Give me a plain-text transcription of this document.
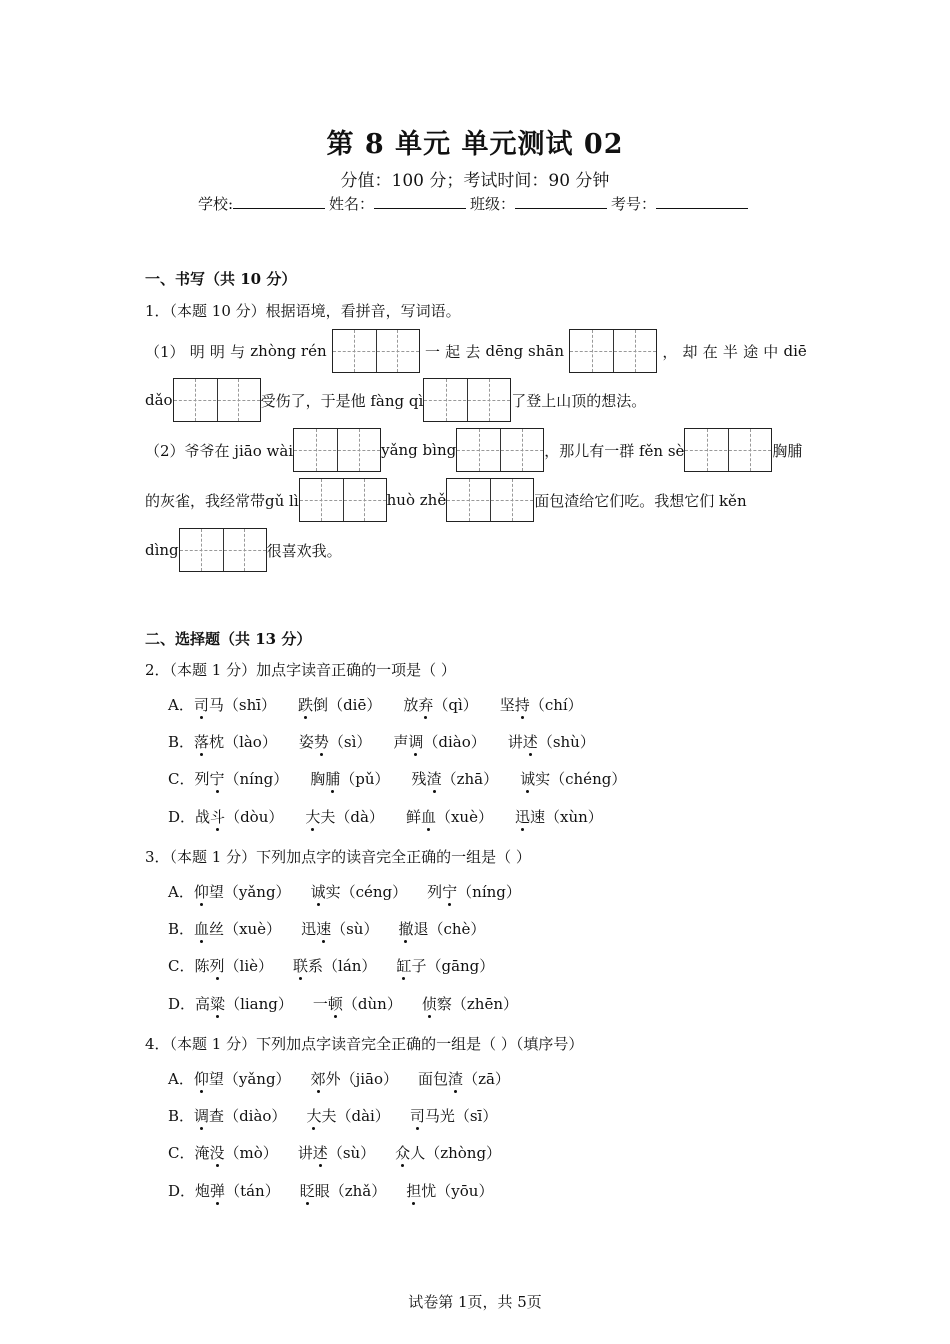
第 8 单元 单元测试 02
分值：100 分；考试时间：90 分钟
学校:	姓名：	班级：	考号：
一、书写（共 10 分）
1．（本题 10 分）根据语境，看拼音，写词语。
（1） 明 明 与 zhòng rén	一 起 去 dēng shān	， 却 在 半 途 中 diē
dǎo	受伤了，于是他 fàng qì	了登上山顶的想法。
（2）爷爷在 jiāo wài	yǎng bìng	，那儿有一群 fěn sè	胸脯
的灰雀，我经常带gǔ lì	huò zhě	面包渣给它们吃。我想它们 kěn
dìng	很喜欢我。
二、选择题（共 13 分）
2．（本题 1 分）加点字读音正确的一项是（ ）
A．司马（shī） 跌倒（diē） 放弃（qì） 坚持（chí）
B．落枕（lào） 姿势（sì） 声调（diào） 讲述（shù）
C．列宁（níng） 胸脯（pǔ） 残渣（zhā） 诚实（chéng）
D．战斗（dòu） 大夫（dà） 鲜血（xuè） 迅速（xùn）
3．（本题 1 分）下列加点字的读音完全正确的一组是（ ）
A．仰望（yǎng） 诚实（céng） 列宁（níng）
B．血丝（xuè） 迅速（sù） 撤退（chè）
C．陈列（liè） 联系（lán） 缸子（gāng）
D．高粱（liang） 一顿（dùn） 侦察（zhēn）
4．（本题 1 分）下列加点字读音完全正确的一组是（ ）（填序号）
A．仰望（yǎng） 郊外（jiāo） 面包渣（zā）
B．调查（diào） 大夫（dài） 司马光（sī）
C．淹没（mò） 讲述（sù） 众人（zhòng）
D．炮弹（tán） 眨眼（zhǎ） 担忧（yōu）
试卷第 1页，共 5页
